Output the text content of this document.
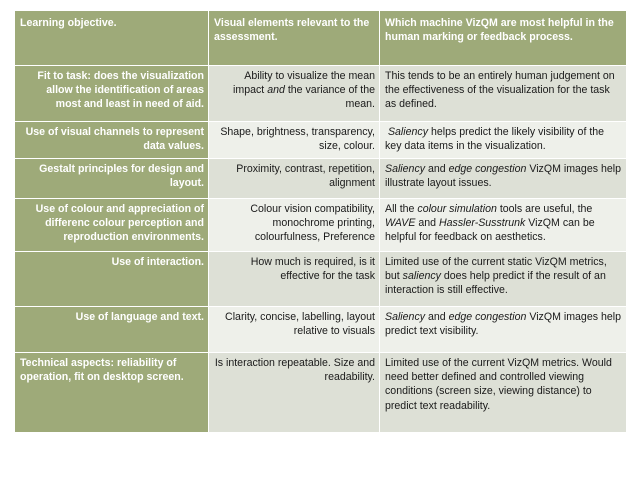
Learning objective.	Visual elements relevant to the assessment.	Which machine VizQM are most helpful in the human marking or feedback process.
Fit to task: does the visualization allow the identification of areas most and least in need of aid.	Ability to visualize the mean impact and the variance of the mean.	This tends to be an entirely human judgement on the effectiveness of the visualization for the task as defined.
Use of visual channels to represent data values.	Shape, brightness, transparency, size, colour.	Saliency helps predict the likely visibility of the key data items in the visualization.
Gestalt principles for design and layout.	Proximity, contrast, repetition, alignment	Saliency and edge congestion VizQM images help illustrate layout issues.
Use of colour and appreciation of differenc colour perception and reproduction environments.	Colour vision compatibility, monochrome printing, colourfulness, Preference	All the colour simulation tools are useful, the WAVE and Hassler-Susstrunk VizQM can be helpful for feedback on aesthetics.
Use of interaction.	How much is required, is it effective for the task	Limited use of the current static VizQM metrics, but saliency does help predict if the result of an interaction is still effective.
Use of language and text.	Clarity, concise, labelling, layout relative to visuals	Saliency and edge congestion VizQM images help predict text visibility.
Technical aspects: reliability of operation, fit on desktop screen.	Is interaction repeatable. Size and readability.	Limited use of the current VizQM metrics. Would need better defined and controlled viewing conditions (screen size, viewing distance) to predict text readability.
